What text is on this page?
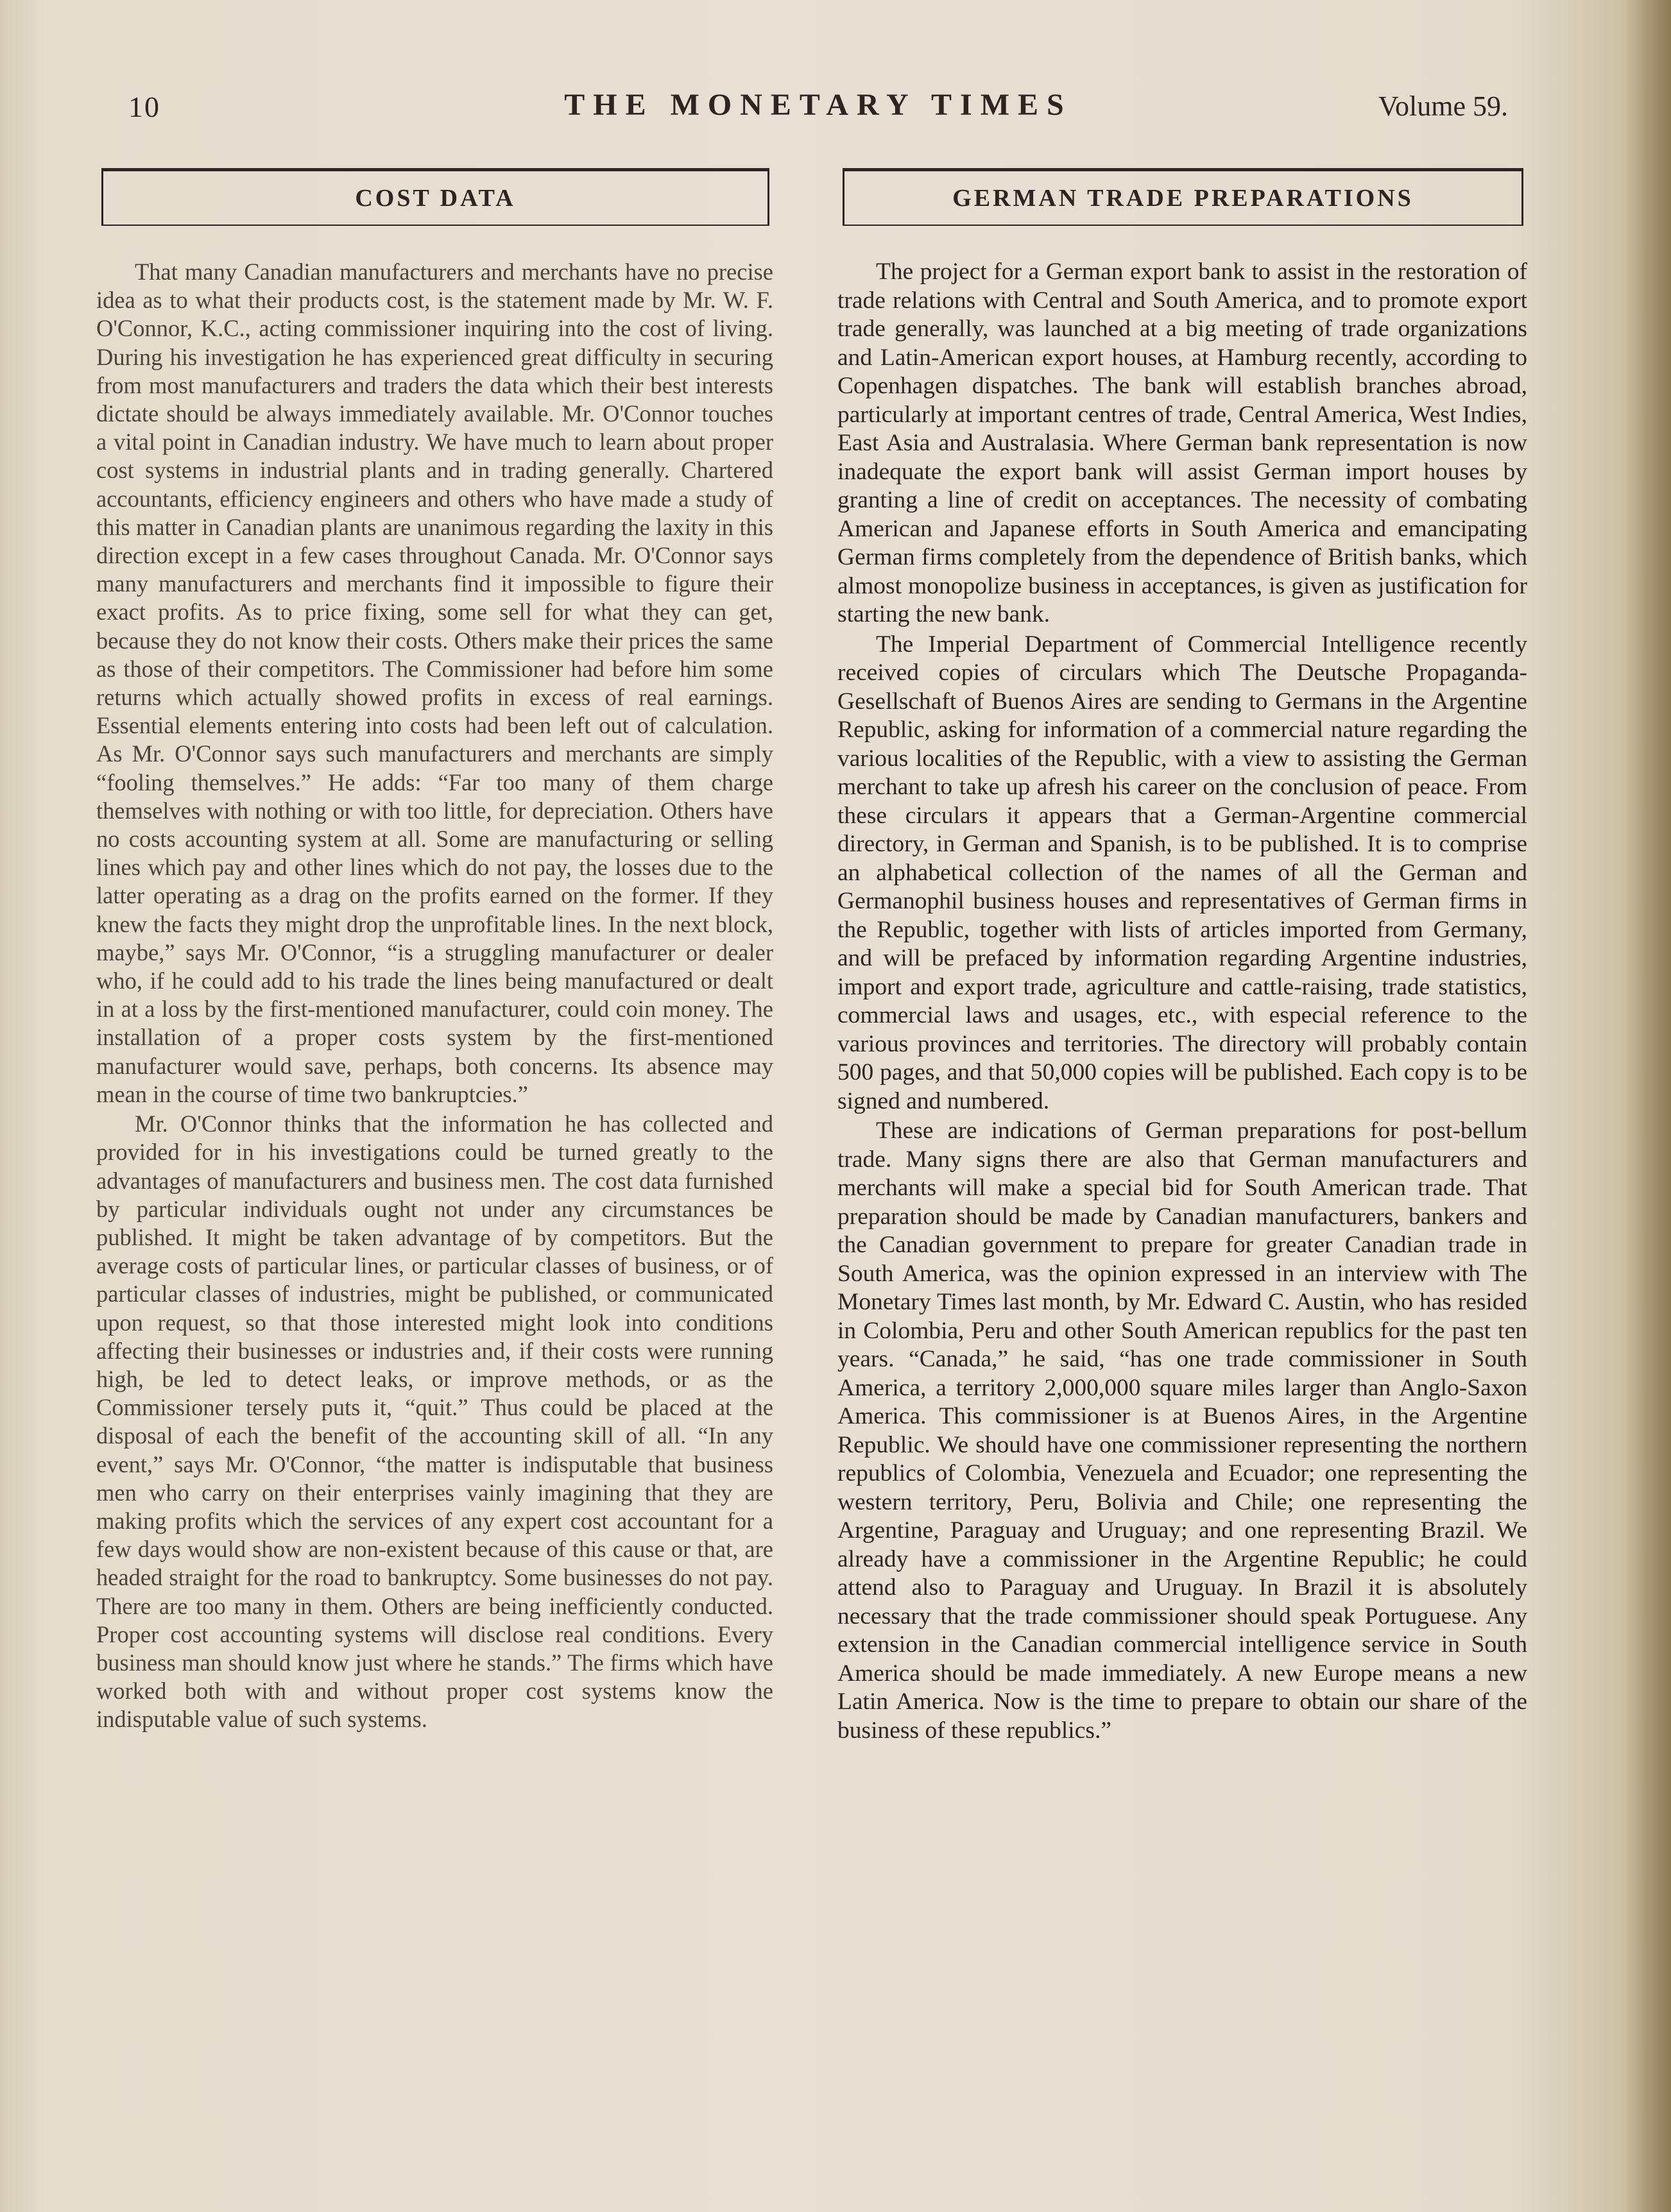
10	THE MONETARY TIMES	Volume 59.
COST DATA

That many Canadian manufacturers and merchants have no precise idea as to what their products cost, is the statement made by Mr. W. F. O'Connor, K.C., acting commissioner inquiring into the cost of living. During his investigation he has experienced great difficulty in securing from most manufacturers and traders the data which their best interests dictate should be always immediately available. Mr. O'Connor touches a vital point in Canadian industry. We have much to learn about proper cost systems in industrial plants and in trading generally. Chartered accountants, efficiency engineers and others who have made a study of this matter in Canadian plants are unanimous regarding the laxity in this direction except in a few cases throughout Canada. Mr. O'Connor says many manufacturers and merchants find it impossible to figure their exact profits. As to price fixing, some sell for what they can get, because they do not know their costs. Others make their prices the same as those of their competitors. The Commissioner had before him some returns which actually showed profits in excess of real earnings. Essential elements entering into costs had been left out of calculation. As Mr. O'Connor says such manufacturers and merchants are simply “fooling themselves.” He adds: “Far too many of them charge themselves with nothing or with too little, for depreciation. Others have no costs accounting system at all. Some are manufacturing or selling lines which pay and other lines which do not pay, the losses due to the latter operating as a drag on the profits earned on the former. If they knew the facts they might drop the unprofitable lines. In the next block, maybe,” says Mr. O'Connor, “is a struggling manufacturer or dealer who, if he could add to his trade the lines being manufactured or dealt in at a loss by the first-mentioned manufacturer, could coin money. The installation of a proper costs system by the first-mentioned manufacturer would save, perhaps, both concerns. Its absence may mean in the course of time two bankruptcies.”

Mr. O'Connor thinks that the information he has collected and provided for in his investigations could be turned greatly to the advantages of manufacturers and business men. The cost data furnished by particular individuals ought not under any circumstances be published. It might be taken advantage of by competitors. But the average costs of particular lines, or particular classes of business, or of particular classes of industries, might be published, or communicated upon request, so that those interested might look into conditions affecting their businesses or industries and, if their costs were running high, be led to detect leaks, or improve methods, or as the Commissioner tersely puts it, “quit.” Thus could be placed at the disposal of each the benefit of the accounting skill of all. “In any event,” says Mr. O'Connor, “the matter is indisputable that business men who carry on their enterprises vainly imagining that they are making profits which the services of any expert cost accountant for a few days would show are non-existent because of this cause or that, are headed straight for the road to bankruptcy. Some businesses do not pay. There are too many in them. Others are being inefficiently conducted. Proper cost accounting systems will disclose real conditions. Every business man should know just where he stands.” The firms which have worked both with and without proper cost systems know the indisputable value of such systems.

GERMAN TRADE PREPARATIONS

The project for a German export bank to assist in the restoration of trade relations with Central and South America, and to promote export trade generally, was launched at a big meeting of trade organizations and Latin-American export houses, at Hamburg recently, according to Copenhagen dispatches. The bank will establish branches abroad, particularly at important centres of trade, Central America, West Indies, East Asia and Australasia. Where German bank representation is now inadequate the export bank will assist German import houses by granting a line of credit on acceptances. The necessity of combating American and Japanese efforts in South America and emancipating German firms completely from the dependence of British banks, which almost monopolize business in acceptances, is given as justification for starting the new bank.

The Imperial Department of Commercial Intelligence recently received copies of circulars which The Deutsche Propaganda-Gesellschaft of Buenos Aires are sending to Germans in the Argentine Republic, asking for information of a commercial nature regarding the various localities of the Republic, with a view to assisting the German merchant to take up afresh his career on the conclusion of peace. From these circulars it appears that a German-Argentine commercial directory, in German and Spanish, is to be published. It is to comprise an alphabetical collection of the names of all the German and Germanophil business houses and representatives of German firms in the Republic, together with lists of articles imported from Germany, and will be prefaced by information regarding Argentine industries, import and export trade, agriculture and cattle-raising, trade statistics, commercial laws and usages, etc., with especial reference to the various provinces and territories. The directory will probably contain 500 pages, and that 50,000 copies will be published. Each copy is to be signed and numbered.

These are indications of German preparations for post-bellum trade. Many signs there are also that German manufacturers and merchants will make a special bid for South American trade. That preparation should be made by Canadian manufacturers, bankers and the Canadian government to prepare for greater Canadian trade in South America, was the opinion expressed in an interview with The Monetary Times last month, by Mr. Edward C. Austin, who has resided in Colombia, Peru and other South American republics for the past ten years. “Canada,” he said, “has one trade commissioner in South America, a territory 2,000,000 square miles larger than Anglo-Saxon America. This commissioner is at Buenos Aires, in the Argentine Republic. We should have one commissioner representing the northern republics of Colombia, Venezuela and Ecuador; one representing the western territory, Peru, Bolivia and Chile; one representing the Argentine, Paraguay and Uruguay; and one representing Brazil. We already have a commissioner in the Argentine Republic; he could attend also to Paraguay and Uruguay. In Brazil it is absolutely necessary that the trade commissioner should speak Portuguese. Any extension in the Canadian commercial intelligence service in South America should be made immediately. A new Europe means a new Latin America. Now is the time to prepare to obtain our share of the business of these republics.”
